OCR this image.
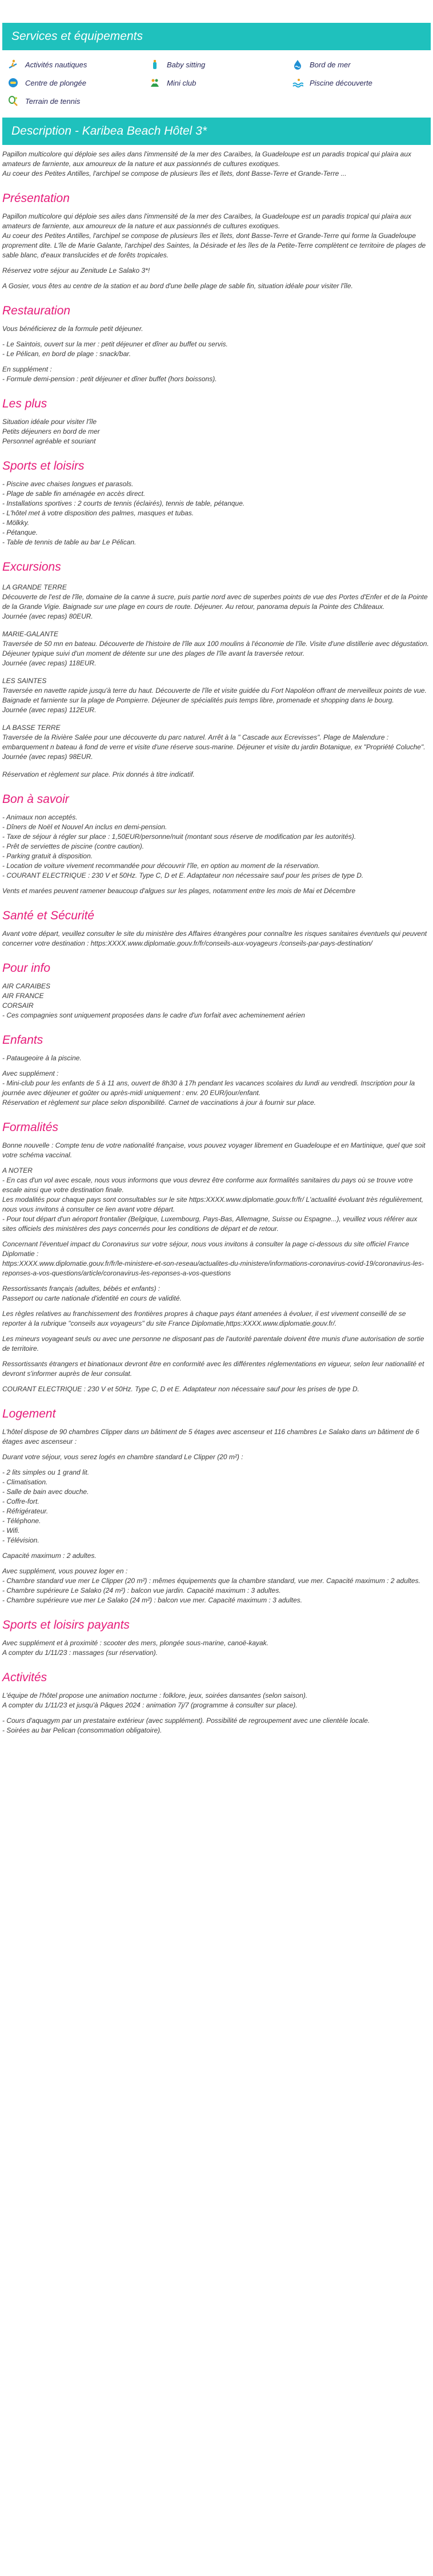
Services et équipements
Activités nautiques	Baby sitting	Bord de mer
Centre de plongée	Mini club	Piscine découverte
Terrain de tennis
Description - Karibea Beach Hôtel 3*

Papillon multicolore qui déploie ses ailes dans l'immensité de la mer des Caraïbes, la Guadeloupe est un paradis tropical qui plaira aux amateurs de farniente, aux amoureux de la nature et aux passionnés de cultures exotiques.
Au coeur des Petites Antilles, l'archipel se compose de plusieurs îles et îlets, dont Basse-Terre et Grande-Terre ...

Présentation

Papillon multicolore qui déploie ses ailes dans l'immensité de la mer des Caraïbes, la Guadeloupe est un paradis tropical qui plaira aux amateurs de farniente, aux amoureux de la nature et aux passionnés de cultures exotiques.
Au coeur des Petites Antilles, l'archipel se compose de plusieurs îles et îlets, dont Basse-Terre et Grande-Terre qui forme la Guadeloupe proprement dite. L'île de Marie Galante, l'archipel des Saintes, la Désirade et les îles de la Petite-Terre complètent ce territoire de plages de sable blanc, d'eaux translucides et de forêts tropicales.

Réservez votre séjour au Zenitude Le Salako 3*!

A Gosier, vous êtes au centre de la station et au bord d'une belle plage de sable fin, situation idéale pour visiter l'île.

Restauration

Vous bénéficierez de la formule petit déjeuner.

- Le Saintois, ouvert sur la mer : petit déjeuner et dîner au buffet ou servis.
- Le Pélican, en bord de plage : snack/bar.

En supplément :
- Formule demi-pension : petit déjeuner et dîner buffet (hors boissons).

Les plus

Situation idéale pour visiter l'île
Petits déjeuners en bord de mer
Personnel agréable et souriant

Sports et loisirs

- Piscine avec chaises longues et parasols.
- Plage de sable fin aménagée en accès direct.
- Installations sportives : 2 courts de tennis (éclairés), tennis de table, pétanque.
- L'hôtel met à votre disposition des palmes, masques et tubas.
- Mölkky.
- Pétanque.
- Table de tennis de table au bar Le Pélican.

Excursions
LA GRANDE TERRE
Découverte de l'est de l'île, domaine de la canne à sucre, puis partie nord avec de superbes points de vue des Portes d'Enfer et de la Pointe de la Grande Vigie. Baignade sur une plage en cours de route. Déjeuner. Au retour, panorama depuis la Pointe des Châteaux.
Journée (avec repas) 80EUR.
MARIE-GALANTE
Traversée de 50 mn en bateau. Découverte de l'histoire de l'île aux 100 moulins à l'économie de l'île. Visite d'une distillerie avec dégustation. Déjeuner typique suivi d'un moment de détente sur une des plages de l'île avant la traversée retour.
Journée (avec repas) 118EUR.
LES SAINTES
Traversée en navette rapide jusqu'à terre du haut. Découverte de l'île et visite guidée du Fort Napoléon offrant de merveilleux points de vue. Baignade et farniente sur la plage de Pompierre. Déjeuner de spécialités puis temps libre, promenade et shopping dans le bourg.
Journée (avec repas) 112EUR.
LA BASSE TERRE
Traversée de la Rivière Salée pour une découverte du parc naturel. Arrêt à la " Cascade aux Ecrevisses". Plage de Malendure : embarquement n bateau à fond de verre et visite d'une réserve sous-marine. Déjeuner et visite du jardin Botanique, ex "Propriété Coluche".
Journée (avec repas) 98EUR.
Réservation et règlement sur place. Prix donnés à titre indicatif.
Bon à savoir

- Animaux non acceptés.
- Dîners de Noël et Nouvel An inclus en demi-pension.
- Taxe de séjour à régler sur place : 1,50EUR/personne/nuit (montant sous réserve de modification par les autorités).
- Prêt de serviettes de piscine (contre caution).
- Parking gratuit à disposition.
- Location de voiture vivement recommandée pour découvrir l'île, en option au moment de la réservation.
- COURANT ELECTRIQUE : 230 V et 50Hz. Type C, D et E. Adaptateur non nécessaire sauf pour les prises de type D.

Vents et marées peuvent ramener beaucoup d'algues sur les plages, notamment entre les mois de Mai et Décembre

Santé et Sécurité

Avant votre départ, veuillez consulter le site du ministère des Affaires étrangères pour connaître les risques sanitaires éventuels qui peuvent concerner votre destination : https:XXXX.www.diplomatie.gouv.fr/fr/conseils-aux-voyageurs /conseils-par-pays-destination/

Pour info

AIR CARAIBES
AIR FRANCE
CORSAIR
- Ces compagnies sont uniquement proposées dans le cadre d'un forfait avec acheminement aérien

Enfants

- Pataugeoire à la piscine.

Avec supplément :
- Mini-club pour les enfants de 5 à 11 ans, ouvert de 8h30 à 17h pendant les vacances scolaires du lundi au vendredi. Inscription pour la journée avec déjeuner et goûter ou après-midi uniquement : env. 20 EUR/jour/enfant.
Réservation et règlement sur place selon disponibilité. Carnet de vaccinations à jour à fournir sur place.

Formalités

Bonne nouvelle : Compte tenu de votre nationalité française, vous pouvez voyager librement en Guadeloupe et en Martinique, quel que soit votre schéma vaccinal.

A NOTER
- En cas d'un vol avec escale, nous vous informons que vous devrez être conforme aux formalités sanitaires du pays où se trouve votre escale ainsi que votre destination finale.
Les modalités pour chaque pays sont consultables sur le site https:XXXX.www.diplomatie.gouv.fr/fr/ L'actualité évoluant très régulièrement, nous vous invitons à consulter ce lien avant votre départ.
- Pour tout départ d'un aéroport frontalier (Belgique, Luxembourg, Pays-Bas, Allemagne, Suisse ou Espagne...), veuillez vous référer aux sites officiels des ministères des pays concernés pour les conditions de départ et de retour.

Concernant l'éventuel impact du Coronavirus sur votre séjour, nous vous invitons à consulter la page ci-dessous du site officiel France Diplomatie :
https:XXXX.www.diplomatie.gouv.fr/fr/le-ministere-et-son-reseau/actualites-du-ministere/informations-coronavirus-covid-19/coronavirus-les-reponses-a-vos-questions/article/coronavirus-les-reponses-a-vos-questions

Ressortissants français (adultes, bébés et enfants) :
Passeport ou carte nationale d'identité en cours de validité.

Les règles relatives au franchissement des frontières propres à chaque pays étant amenées à évoluer, il est vivement conseillé de se reporter à la rubrique "conseils aux voyageurs" du site France Diplomatie,https:XXXX.www.diplomatie.gouv.fr/.

Les mineurs voyageant seuls ou avec une personne ne disposant pas de l'autorité parentale doivent être munis d'une autorisation de sortie de territoire.

Ressortissants étrangers et binationaux devront être en conformité avec les différentes réglementations en vigueur, selon leur nationalité et devront s'informer auprès de leur consulat.

COURANT ELECTRIQUE : 230 V et 50Hz. Type C, D et E. Adaptateur non nécessaire sauf pour les prises de type D.

Logement

L'hôtel dispose de 90 chambres Clipper dans un bâtiment de 5 étages avec ascenseur et 116 chambres Le Salako dans un bâtiment de 6 étages avec ascenseur :

Durant votre séjour, vous serez logés en chambre standard Le Clipper (20 m²) :

- 2 lits simples ou 1 grand lit.
- Climatisation.
- Salle de bain avec douche.
- Coffre-fort.
- Réfrigérateur.
- Téléphone.
- Wifi.
- Télévision.

Capacité maximum : 2 adultes.

Avec supplément, vous pouvez loger en :
- Chambre standard vue mer Le Clipper (20 m²) : mêmes équipements que la chambre standard, vue mer. Capacité maximum : 2 adultes.
- Chambre supérieure Le Salako (24 m²) : balcon vue jardin. Capacité maximum : 3 adultes.
- Chambre supérieure vue mer Le Salako (24 m²) : balcon vue mer. Capacité maximum : 3 adultes.

Sports et loisirs payants

Avec supplément et à proximité : scooter des mers, plongée sous-marine, canoë-kayak.
A compter du 1/11/23 : massages (sur réservation).

Activités

L'équipe de l'hôtel propose une animation nocturne : folklore, jeux, soirées dansantes (selon saison).
A compter du 1/11/23 et jusqu'à Pâques 2024 : animation 7j/7 (programme à consulter sur place).

- Cours d'aquagym par un prestataire extérieur (avec supplément). Possibilité de regroupement avec une clientèle locale.
- Soirées au bar Pelican (consommation obligatoire).
